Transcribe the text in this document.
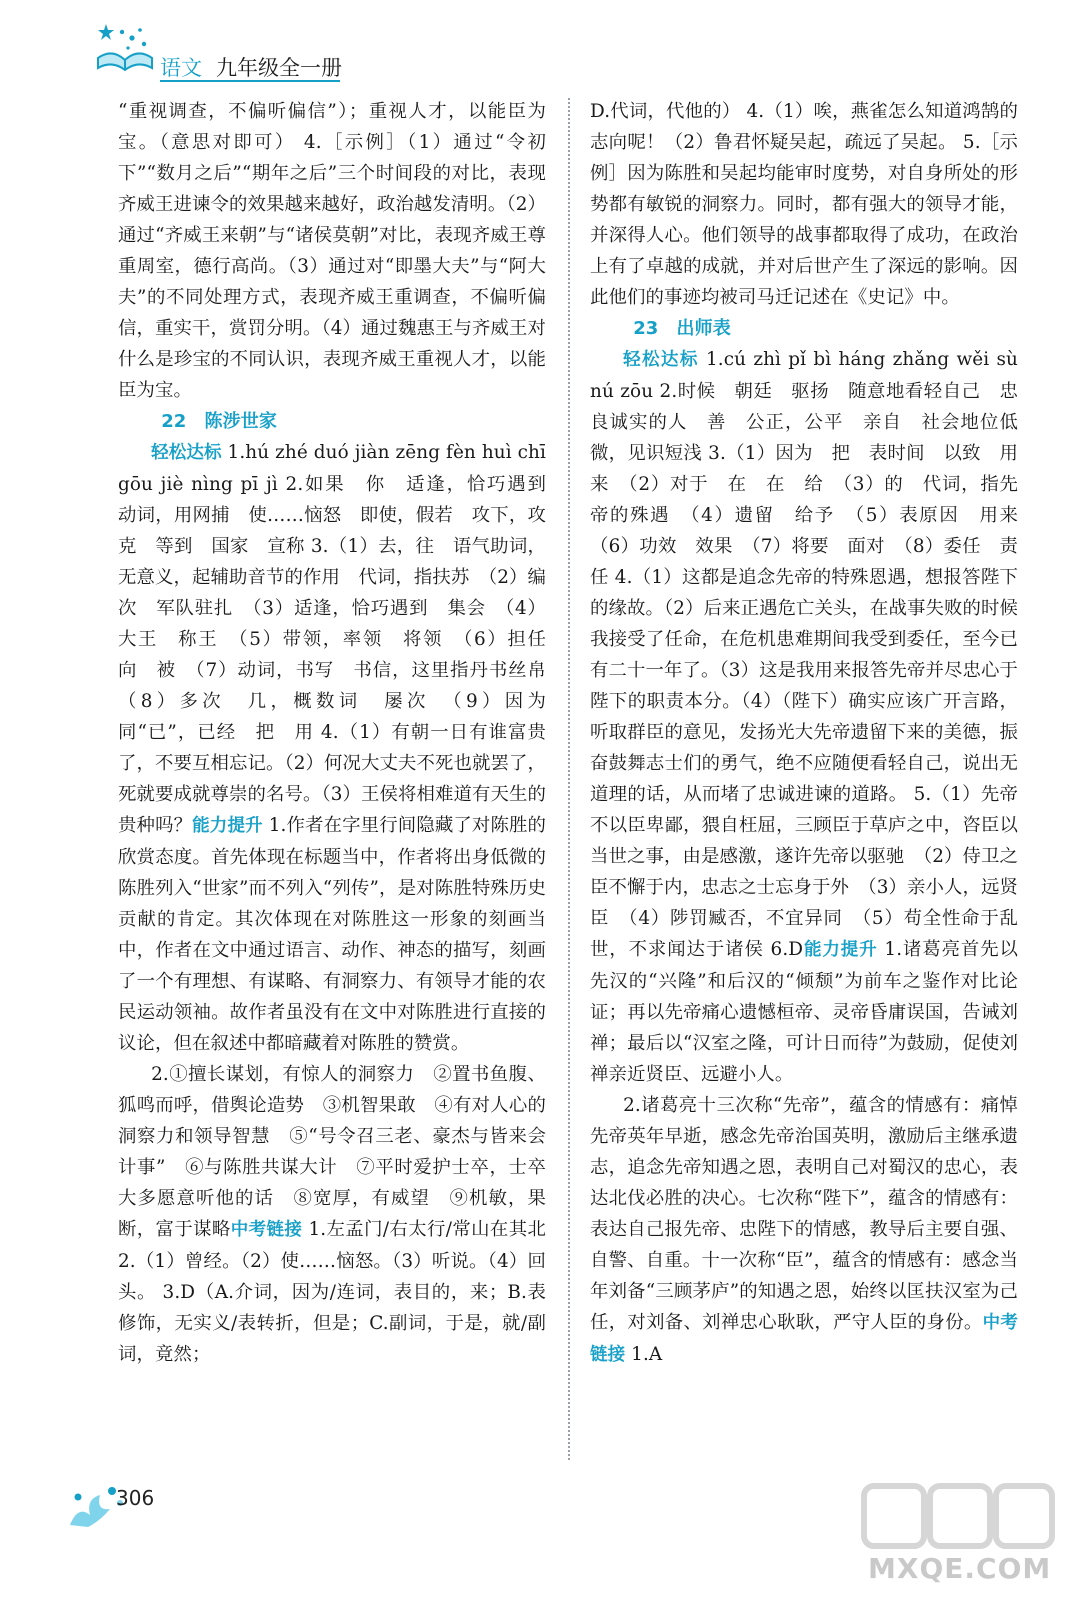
语文 九年级全一册

“重视调查，不偏听偏信”）；重视人才，以能臣为宝。（意思对即可） 4.［示例］（1）通过“令初下”“数月之后”“期年之后”三个时间段的对比，表现齐威王进谏令的效果越来越好，政治越发清明。（2）通过“齐威王来朝”与“诸侯莫朝”对比，表现齐威王尊重周室，德行高尚。（3）通过对“即墨大夫”与“阿大夫”的不同处理方式，表现齐威王重调查，不偏听偏信，重实干，赏罚分明。（4）通过魏惠王与齐威王对什么是珍宝的不同认识，表现齐威王重视人才，以能臣为宝。

22　陈涉世家

轻松达标 1.hú zhé duó jiàn zēng fèn huì chī gōu jiè nìng pī jì 2.如果　你　适逢，恰巧遇到　动词，用网捕　使……恼怒　即使，假若　攻下，攻克　等到　国家　宣称 3.（1）去，往　语气助词，无意义，起辅助音节的作用　代词，指扶苏　（2）编次　军队驻扎　（3）适逢，恰巧遇到　集会　（4）大王　称王　（5）带领，率领　将领　（6）担任　向　被　（7）动词，书写　书信，这里指丹书丝帛　（8）多次　几，概数词　屡次　（9）因为　同“已”，已经　把　用 4.（1）有朝一日有谁富贵了，不要互相忘记。（2）何况大丈夫不死也就罢了，死就要成就尊崇的名号。（3）王侯将相难道有天生的贵种吗？能力提升 1.作者在字里行间隐藏了对陈胜的欣赏态度。首先体现在标题当中，作者将出身低微的陈胜列入“世家”而不列入“列传”，是对陈胜特殊历史贡献的肯定。其次体现在对陈胜这一形象的刻画当中，作者在文中通过语言、动作、神态的描写，刻画了一个有理想、有谋略、有洞察力、有领导才能的农民运动领袖。故作者虽没有在文中对陈胜进行直接的议论，但在叙述中都暗藏着对陈胜的赞赏。

2.①擅长谋划，有惊人的洞察力　②置书鱼腹、狐鸣而呼，借舆论造势　③机智果敢　④有对人心的洞察力和领导智慧　⑤“号令召三老、豪杰与皆来会计事”　⑥与陈胜共谋大计　⑦平时爱护士卒，士卒大多愿意听他的话　⑧宽厚，有威望　⑨机敏，果断，富于谋略中考链接 1.左孟门/右太行/常山在其北 2.（1）曾经。（2）使……恼怒。（3）听说。（4）回头。 3.D（A.介词，因为/连词，表目的，来；B.表修饰，无实义/表转折，但是；C.副词，于是，就/副词，竟然；

D.代词，代他的） 4.（1）唉，燕雀怎么知道鸿鹄的志向呢！（2）鲁君怀疑吴起，疏远了吴起。 5.［示例］因为陈胜和吴起均能审时度势，对自身所处的形势都有敏锐的洞察力。同时，都有强大的领导才能，并深得人心。他们领导的战事都取得了成功，在政治上有了卓越的成就，并对后世产生了深远的影响。因此他们的事迹均被司马迁记述在《史记》中。

23　出师表

轻松达标 1.cú zhì pǐ bì háng zhǎng wěi sù nú zōu 2.时候　朝廷　驱扬　随意地看轻自己　忠良诚实的人　善　公正，公平　亲自　社会地位低微，见识短浅 3.（1）因为　把　表时间　以致　用来　（2）对于　在　在　给　（3）的　代词，指先帝的殊遇　（4）遗留　给予　（5）表原因　用来　（6）功效　效果　（7）将要　面对　（8）委任　责任 4.（1）这都是追念先帝的特殊恩遇，想报答陛下的缘故。（2）后来正遇危亡关头，在战事失败的时候我接受了任命，在危机患难期间我受到委任，至今已有二十一年了。（3）这是我用来报答先帝并尽忠心于陛下的职责本分。（4）（陛下）确实应该广开言路，听取群臣的意见，发扬光大先帝遗留下来的美德，振奋鼓舞志士们的勇气，绝不应随便看轻自己，说出无道理的话，从而堵了忠诚进谏的道路。 5.（1）先帝不以臣卑鄙，猥自枉屈，三顾臣于草庐之中，咨臣以当世之事，由是感激，遂许先帝以驱驰　（2）侍卫之臣不懈于内，忠志之士忘身于外　（3）亲小人，远贤臣　（4）陟罚臧否，不宜异同　（5）苟全性命于乱世，不求闻达于诸侯 6.D能力提升 1.诸葛亮首先以先汉的“兴隆”和后汉的“倾颓”为前车之鉴作对比论证；再以先帝痛心遗憾桓帝、灵帝昏庸误国，告诫刘禅；最后以“汉室之隆，可计日而待”为鼓励，促使刘禅亲近贤臣、远避小人。

2.诸葛亮十三次称“先帝”，蕴含的情感有：痛悼先帝英年早逝，感念先帝治国英明，激励后主继承遗志，追念先帝知遇之恩，表明自己对蜀汉的忠心，表达北伐必胜的决心。七次称“陛下”，蕴含的情感有：表达自己报先帝、忠陛下的情感，教导后主要自强、自警、自重。十一次称“臣”，蕴含的情感有：感念当年刘备“三顾茅庐”的知遇之恩，始终以匡扶汉室为己任，对刘备、刘禅忠心耿耿，严守人臣的身份。中考链接 1.A

306
MXQE.COM
